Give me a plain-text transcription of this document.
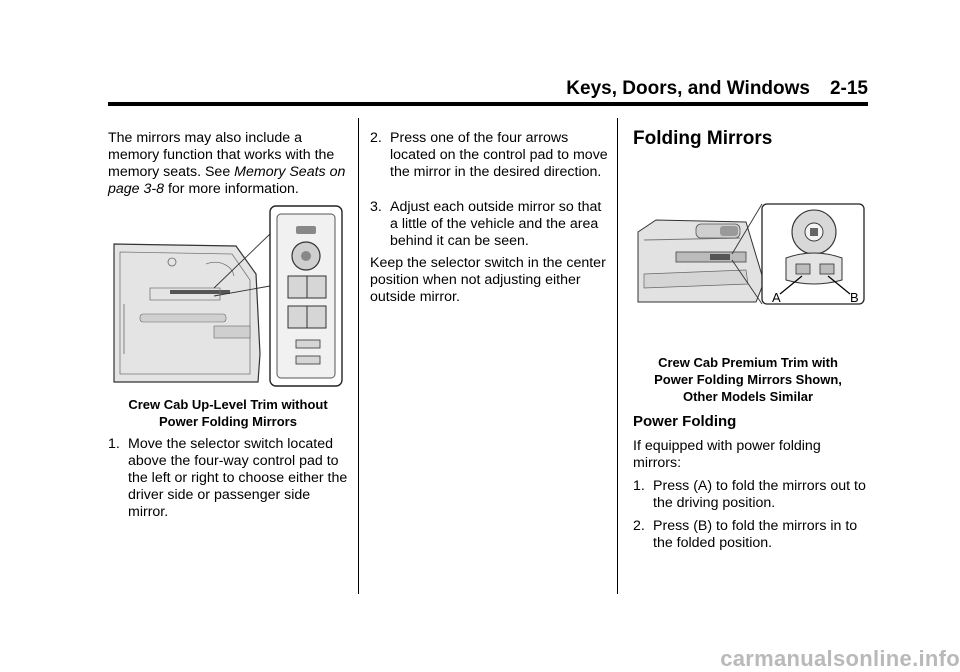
Keys, Doors, and Windows	2-15
The mirrors may also include a memory function that works with the memory seats. See Memory Seats on page 3-8 for more information.
Crew Cab Up-Level Trim without
Power Folding Mirrors
1. Move the selector switch located above the four-way control pad to the left or right to choose either the driver side or passenger side mirror.
2. Press one of the four arrows located on the control pad to move the mirror in the desired direction.
3. Adjust each outside mirror so that a little of the vehicle and the area behind it can be seen.
Keep the selector switch in the center position when not adjusting either outside mirror.
Folding Mirrors
A	B
Crew Cab Premium Trim with
Power Folding Mirrors Shown,
Other Models Similar
Power Folding
If equipped with power folding mirrors:
1. Press (A) to fold the mirrors out to the driving position.
2. Press (B) to fold the mirrors in to the folded position.
carmanualsonline.info
